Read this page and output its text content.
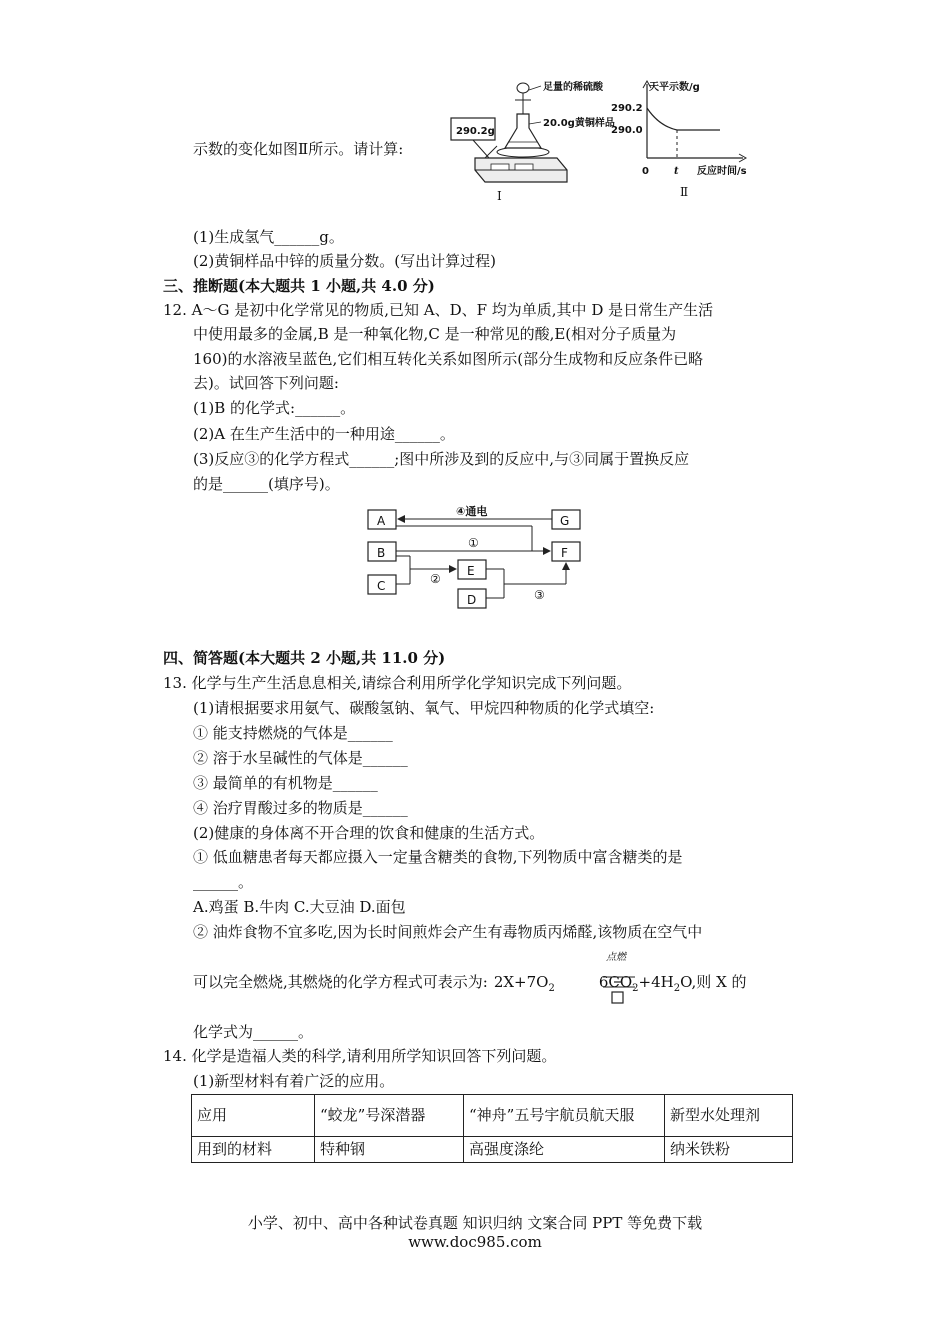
示数的变化如图Ⅱ所示。请计算:
290.2g
足量的稀硫酸
20.0g黄铜样品
I
天平示数/g
290.2
290.0
0	t 反应时间/s
Ⅱ
(1)生成氢气______g。
(2)黄铜样品中锌的质量分数。(写出计算过程)
三、推断题(本大题共 1 小题,共 4.0 分)
12. A～G 是初中化学常见的物质,已知 A、D、F 均为单质,其中 D 是日常生产生活
中使用最多的金属,B 是一种氧化物,C 是一种常见的酸,E(相对分子质量为
160)的水溶液呈蓝色,它们相互转化关系如图所示(部分生成物和反应条件已略
去)。试回答下列问题:
(1)B 的化学式:______。
(2)A 在生产生活中的一种用途______。
(3)反应③的化学方程式______;图中所涉及到的反应中,与③同属于置换反应
的是______(填序号)。
A
B
C
E
D
G
F
④通电
①
②
③
四、简答题(本大题共 2 小题,共 11.0 分)
13. 化学与生产生活息息相关,请综合利用所学化学知识完成下列问题。
(1)请根据要求用氨气、碳酸氢钠、氧气、甲烷四种物质的化学式填空:
① 能支持燃烧的气体是______
② 溶于水呈碱性的气体是______
③ 最简单的有机物是______
④ 治疗胃酸过多的物质是______
(2)健康的身体离不开合理的饮食和健康的生活方式。
① 低血糖患者每天都应摄入一定量含糖类的食物,下列物质中富含糖类的是
______。
A.鸡蛋 B.牛肉 C.大豆油 D.面包
② 油炸食物不宜多吃,因为长时间煎炸会产生有毒物质丙烯醛,该物质在空气中
可以完全燃烧,其燃烧的化学方程式可表示为: $2X+7O_2$	$6CO_2+4H_2O$,则 X 的
点燃
化学式为______。
14. 化学是造福人类的科学,请利用所学知识回答下列问题。
(1)新型材料有着广泛的应用。
应用	“蛟龙”号深潜器	“神舟”五号宇航员航天服	新型水处理剂
用到的材料	特种钢	高强度涤纶	纳米铁粉
小学、初中、高中各种试卷真题 知识归纳 文案合同 PPT 等免费下载
www.doc985.com
